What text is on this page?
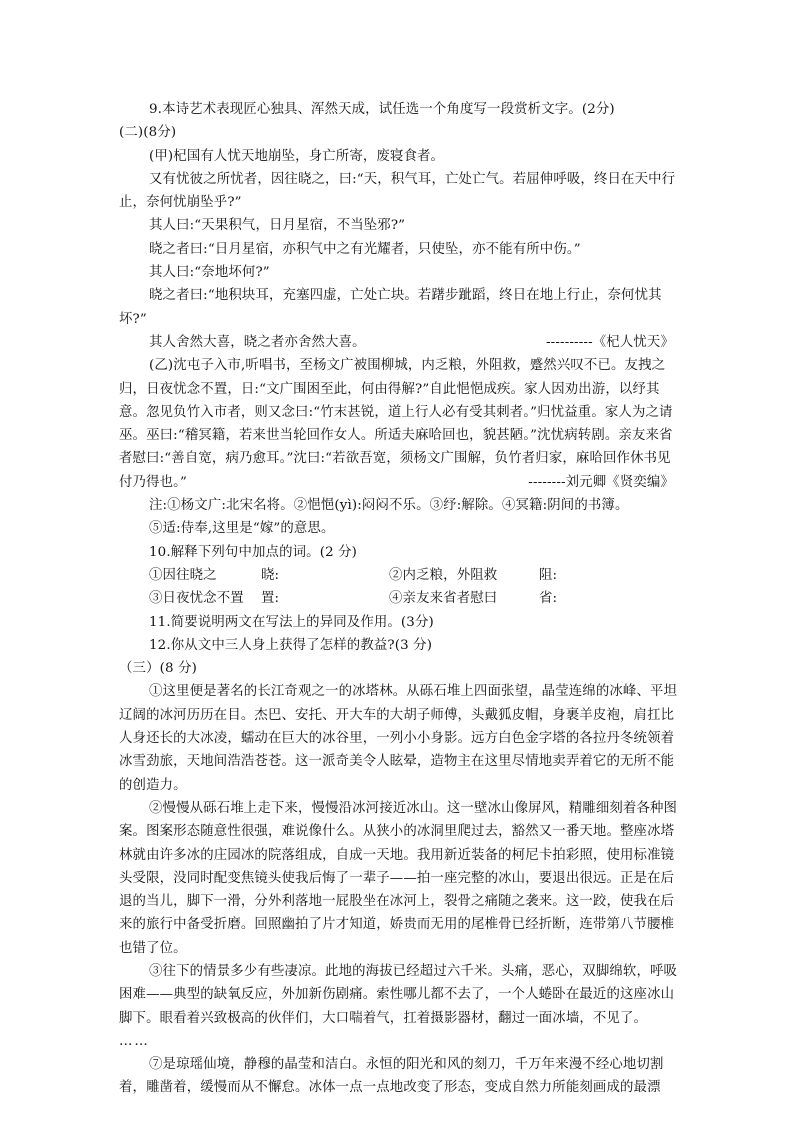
9.本诗艺术表现匠心独具、浑然天成，试任选一个角度写一段赏析文字。(2分)

(二)(8分)

(甲)杞国有人忧天地崩坠，身亡所寄，废寝食者。

又有忧彼之所忧者，因往晓之，曰:“天，积气耳，亡处亡气。若屈伸呼吸，终日在天中行止，奈何忧崩坠乎?”

其人曰:“天果积气，日月星宿，不当坠邪?”

晓之者曰:“日月星宿，亦积气中之有光耀者，只使坠，亦不能有所中伤。”

其人曰:“奈地坏何?”

晓之者曰:“地积块耳，充塞四虚，亡处亡块。若躇步跐蹈，终日在地上行止，奈何忧其坏?”

其人舍然大喜，晓之者亦舍然大喜。	----------《杞人忧天》

(乙)沈屯子入市,听唱书，至杨文广被围柳城，内乏粮，外阻救，蹙然兴叹不已。友拽之归，日夜忧念不置，日:“文广围困至此，何由得解?”自此悒悒成疾。家人因劝出游，以纾其意。忽见负竹入市者，则又念曰:“竹末甚锐，道上行人必有受其刺者。”归忧益重。家人为之请巫。巫曰:“稽冥籍，若来世当轮回作女人。所适夫麻哈回也，貌甚陋。”沈忧病转剧。亲友来省者慰曰:“善自宽，病乃愈耳。”沈曰:“若欲吾宽，须杨文广围解，负竹者归家，麻哈回作休书见付乃得也。”	--------刘元卿《贤奕编》

注:①杨文广:北宋名将。②悒悒(yì):闷闷不乐。③纾:解除。④冥籍:阴间的书簿。

⑤适:侍奉,这里是“嫁”的意思。

10.解释下列句中加点的词。(2 分)

①因往晓之	晓:	②内乏粮，外阻救	阻:
③日夜忧念不置	置:	④亲友来省者慰曰	省:

11.简要说明两文在写法上的异同及作用。(3分)

12.你从文中三人身上获得了怎样的教益?(3 分)

（三）(8 分)

①这里便是著名的长江奇观之一的冰塔林。从砾石堆上四面张望，晶莹连绵的冰峰、平坦辽阔的冰河历历在目。杰巴、安托、开大车的大胡子师傅，头戴狐皮帽，身裹羊皮袍，肩扛比人身还长的大冰凌，蠕动在巨大的冰谷里，一列小小身影。远方白色金字塔的各拉丹冬统领着冰雪劲旅，天地间浩浩苍苍。这一派奇美令人眩晕，造物主在这里尽情地卖弄着它的无所不能的创造力。

②慢慢从砾石堆上走下来，慢慢沿冰河接近冰山。这一壁冰山像屏风，精雕细刻着各种图案。图案形态随意性很强，难说像什么。从狭小的冰洞里爬过去，豁然又一番天地。整座冰塔林就由许多冰的庄园冰的院落组成，自成一天地。我用新近装备的柯尼卡拍彩照，使用标准镜头受限，没同时配变焦镜头使我后悔了一辈子——拍一座完整的冰山，要退出很远。正是在后退的当儿，脚下一滑，分外利落地一屁股坐在冰河上，裂骨之痛随之袭来。这一跤，使我在后来的旅行中备受折磨。回照幽拍了片才知道，娇贵而无用的尾椎骨已经折断，连带第八节腰椎也错了位。

③往下的情景多少有些凄凉。此地的海拔已经超过六千米。头痛，恶心，双脚绵软，呼吸困难——典型的缺氧反应，外加新伤剧痛。索性哪儿都不去了，一个人蜷卧在最近的这座冰山脚下。眼看着兴致极高的伙伴们，大口喘着气，扛着摄影器材，翻过一面冰墙，不见了。

……

⑦是琼瑶仙境，静穆的晶莹和洁白。永恒的阳光和风的刻刀，千万年来漫不经心地切割着，雕凿着，缓慢而从不懈怠。冰体一点一点地改变了形态，变成自然力所能刻画成的最漂
